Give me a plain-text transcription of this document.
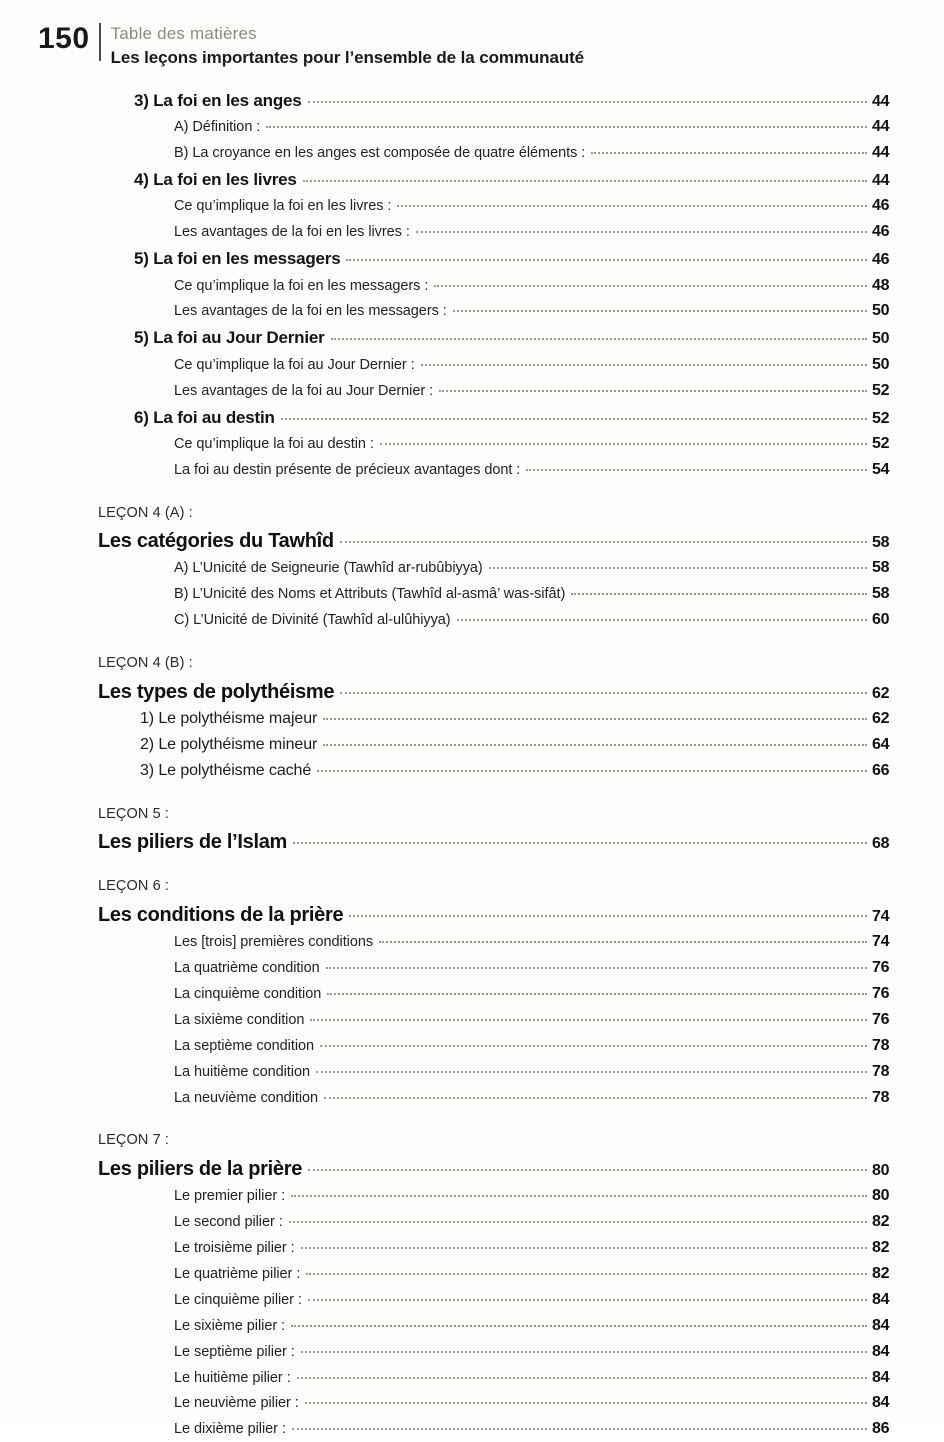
150	Table des matières
Les leçons importantes pour l’ensemble de la communauté
3) La foi en les anges	44
A) Définition :	44
B) La croyance en les anges est composée de quatre éléments :	44
4) La foi en les livres	44
Ce qu’implique la foi en les livres :	46
Les avantages de la foi en les livres :	46
5) La foi en les messagers	46
Ce qu’implique la foi en les messagers :	48
Les avantages de la foi en les messagers :	50
5) La foi au Jour Dernier	50
Ce qu’implique la foi au Jour Dernier :	50
Les avantages de la foi au Jour Dernier :	52
6) La foi au destin	52
Ce qu’implique la foi au destin :	52
La foi au destin présente de précieux avantages dont :	54
LEÇON 4 (A) :
Les catégories du Tawhîd	58
A) L’Unicité de Seigneurie (Tawhîd ar-rubûbiyya)	58
B) L’Unicité des Noms et Attributs (Tawhîd al-asmâ’ was-sifât)	58
C) L’Unicité de Divinité (Tawhîd al-ulûhiyya)	60
LEÇON 4 (B) :
Les types de polythéisme	62
1) Le polythéisme majeur	62
2) Le polythéisme mineur	64
3) Le polythéisme caché	66
LEÇON 5 :
Les piliers de l’Islam	68
LEÇON 6 :
Les conditions de la prière	74
Les [trois] premières conditions	74
La quatrième condition	76
La cinquième condition	76
La sixième condition	76
La septième condition	78
La huitième condition	78
La neuvième condition	78
LEÇON 7 :
Les piliers de la prière	80
Le premier pilier :	80
Le second pilier :	82
Le troisième pilier :	82
Le quatrième pilier :	82
Le cinquième pilier :	84
Le sixième pilier :	84
Le septième pilier :	84
Le huitième pilier :	84
Le neuvième pilier :	84
Le dixième pilier :	86
